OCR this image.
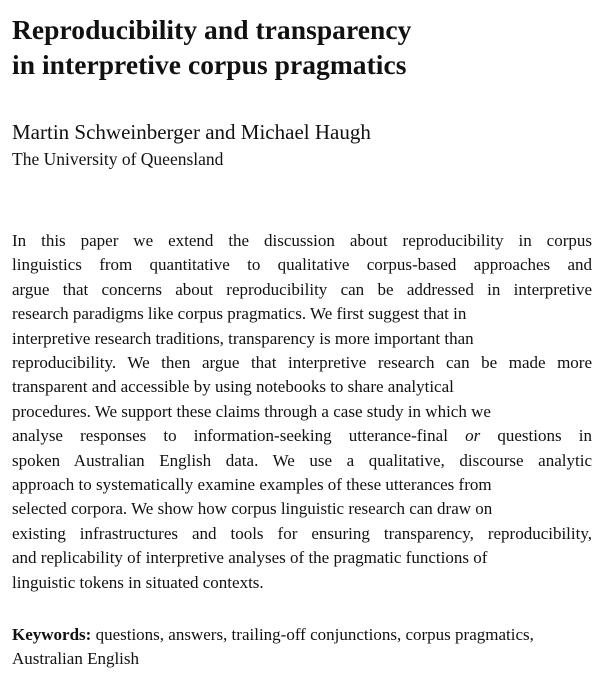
Reproducibility and transparency
in interpretive corpus pragmatics
Martin Schweinberger and Michael Haugh
The University of Queensland
In this paper we extend the discussion about reproducibility in corpus
linguistics from quantitative to qualitative corpus-based approaches and
argue that concerns about reproducibility can be addressed in interpretive
research paradigms like corpus pragmatics. We first suggest that in
interpretive research traditions, transparency is more important than
reproducibility. We then argue that interpretive research can be made more
transparent and accessible by using notebooks to share analytical
procedures. We support these claims through a case study in which we
analyse responses to information-seeking utterance-final or questions in
spoken Australian English data. We use a qualitative, discourse analytic
approach to systematically examine examples of these utterances from
selected corpora. We show how corpus linguistic research can draw on
existing infrastructures and tools for ensuring transparency, reproducibility,
and replicability of interpretive analyses of the pragmatic functions of
linguistic tokens in situated contexts.
Keywords: questions, answers, trailing-off conjunctions, corpus pragmatics,
Australian English
